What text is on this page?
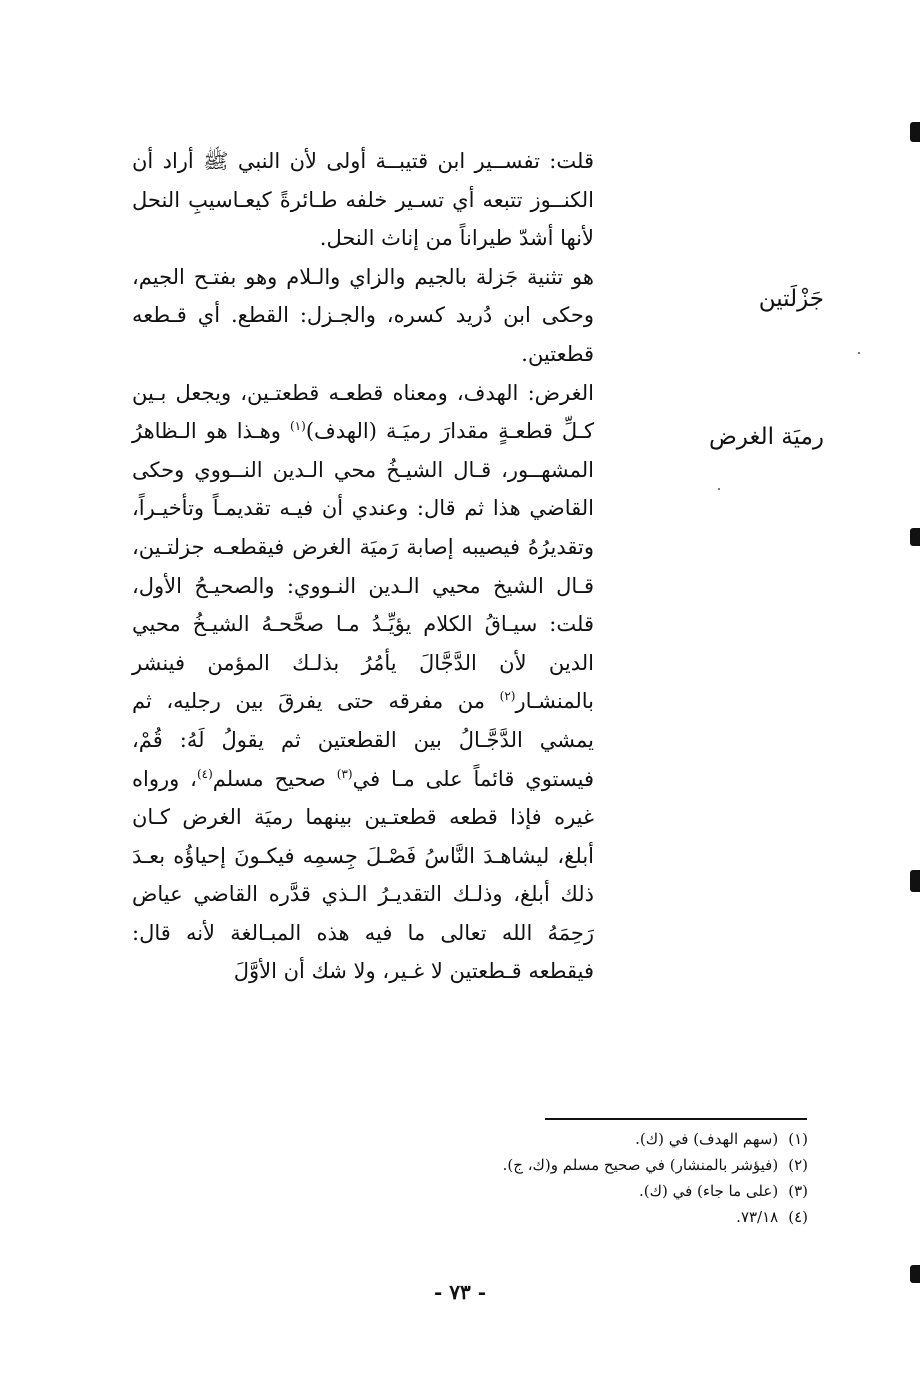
جَزْلَتين
رميَة الغرض

قلت: تفســير ابن قتيبــة أولى لأن النبي ﷺ أراد أن الكنــوز تتبعه أي تسـير خلفه طـائرةً كيعـاسيبِ النحل لأنها أشدّ طيراناً من إناث النحل.

هو تثنية جَزلة بالجيم والزاي والـلام وهو بفتـح الجيم، وحكى ابن دُريد كسره، والجـزل: القطع. أي قـطعه قطعتين.

الغرض: الهدف، ومعناه قطعـه قطعتـين، ويجعل بـين كـلِّ قطعـةٍ مقدارَ رميَـة (الهدف)$^{(١)}$ وهـذا هو الـظاهرُ المشهــور، قـال الشيـخُ محي الـدين النــووي وحكى القاضي هذا ثم قال: وعندي أن فيـه تقديمـاً وتأخيـراً، وتقديرُهُ فيصيبه إصابة رَميَة الغرض فيقطعـه جزلتـين، قـال الشيخ محيي الـدين النـووي: والصحيـحُ الأول، قلت: سيـاقُ الكلام يؤيِّـدُ مـا صحَّحـهُ الشيـخُ محيي الدين لأن الدَّجَّالَ يأمُرُ بذلـك المؤمن فينشر بالمنشـار$^{(٢)}$ من مفرقه حتى يفرقَ بين رجليه، ثم يمشي الدَّجَّـالُ بين القطعتين ثم يقولُ لَهُ: قُمْ، فيستوي قائماً على مـا في$^{(٣)}$ صحيح مسلم$^{(٤)}$، ورواه غيره فإذا قطعه قطعتـين بينهما رميَة الغرض كـان أبلغ، ليشاهـدَ النَّاسُ فَصْـلَ جِسمِه فيكـونَ إحياؤُه بعـدَ ذلك أبلغ، وذلـك التقديـرُ الـذي قدَّره القاضي عياض رَحِمَهُ الله تعالى ما فيه هذه المبـالغة لأنه قال: فيقطعه قـطعتين لا غـير، ولا شك أن الأوَّلَ

(١)(سهم الهدف) في (ك).
(٢)(فيؤشر بالمنشار) في صحيح مسلم و(ك، ج).
(٣)(على ما جاء) في (ك).
(٤)٧٣/١٨.
- ٧٣ -
